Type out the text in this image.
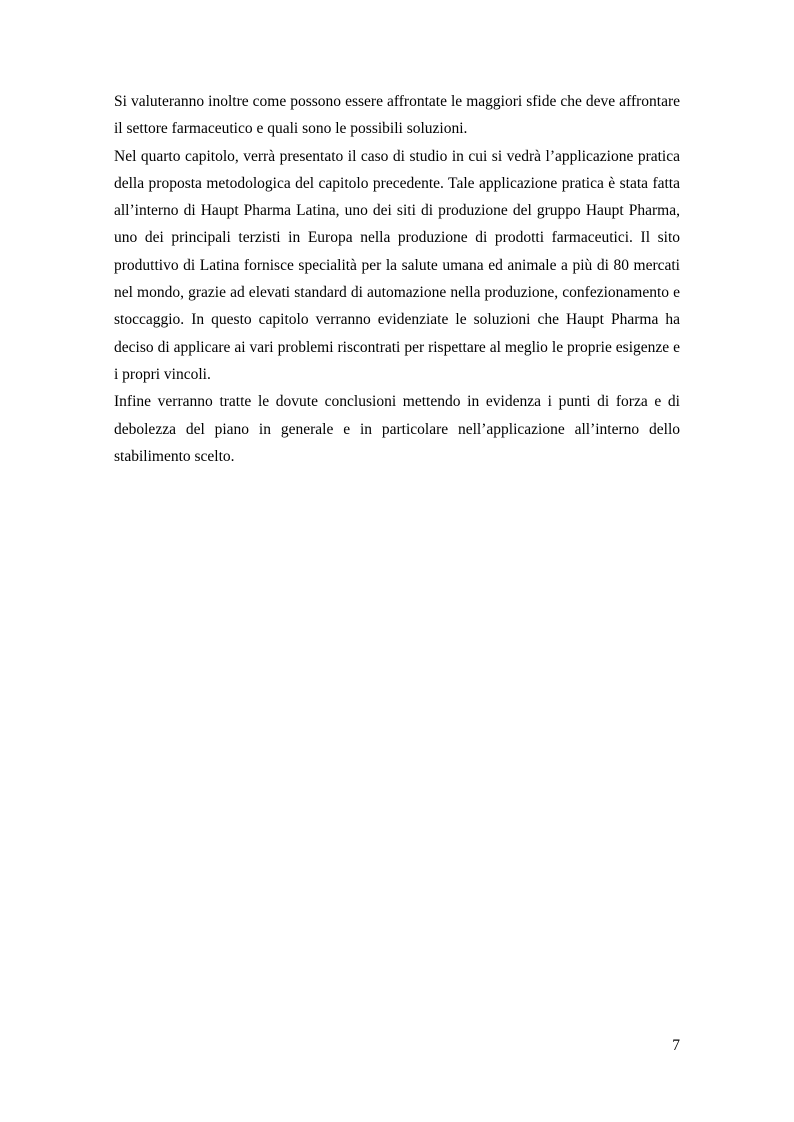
Si valuteranno inoltre come possono essere affrontate le maggiori sfide che deve affrontare il settore farmaceutico e quali sono le possibili soluzioni.

Nel quarto capitolo, verrà presentato il caso di studio in cui si vedrà l’applicazione pratica della proposta metodologica del capitolo precedente. Tale applicazione pratica è stata fatta all’interno di Haupt Pharma Latina, uno dei siti di produzione del gruppo Haupt Pharma, uno dei principali terzisti in Europa nella produzione di prodotti farmaceutici. Il sito produttivo di Latina fornisce specialità per la salute umana ed animale a più di 80 mercati nel mondo, grazie ad elevati standard di automazione nella produzione, confezionamento e stoccaggio. In questo capitolo verranno evidenziate le soluzioni che Haupt Pharma ha deciso di applicare ai vari problemi riscontrati per rispettare al meglio le proprie esigenze e i propri vincoli.

Infine verranno tratte le dovute conclusioni mettendo in evidenza i punti di forza e di debolezza del piano in generale e in particolare nell’applicazione all’interno dello stabilimento scelto.

7
